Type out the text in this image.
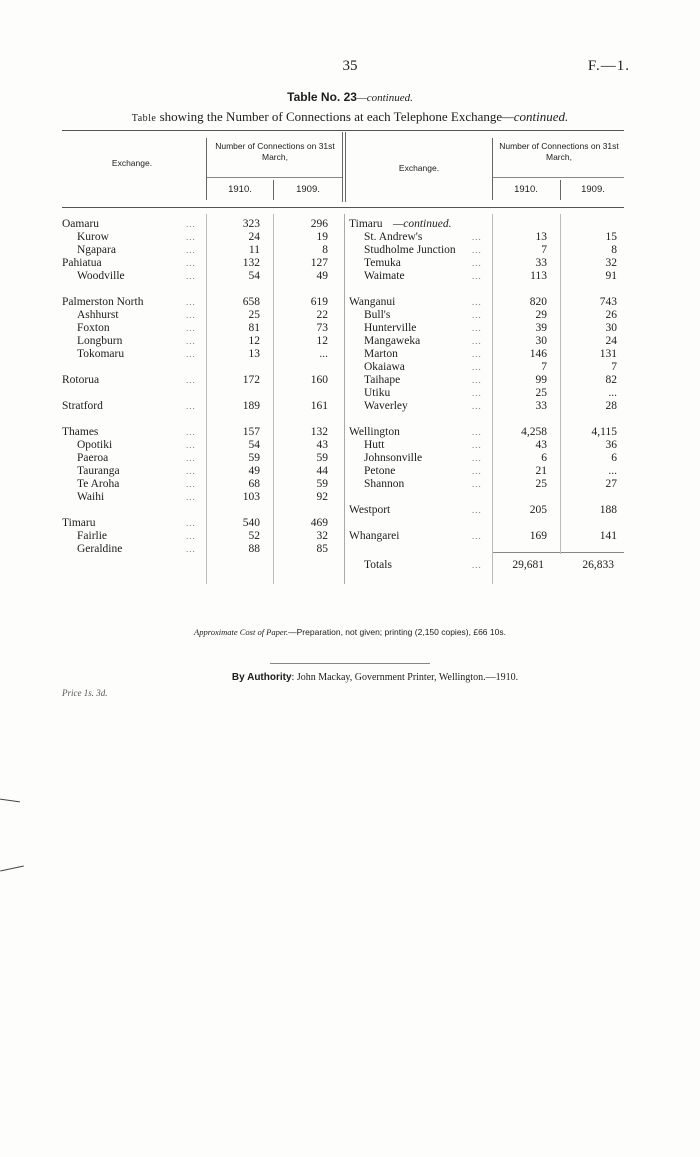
35	F.—1.
Table No. 23—continued.
Table showing the Number of Connections at each Telephone Exchange—continued.
Exchange.
Number of Connections on 31st March,
1910.	1909.
Exchange.
Number of Connections on 31st March,
1910.	1909.
Oamaru	...	323	296
Kurow	...	24	19
Ngapara	...	11	8
Pahiatua	...	132	127
Woodville	...	54	49
Palmerston North	...	658	619
Ashhurst	...	25	22
Foxton	...	81	73
Longburn	...	12	12
Tokomaru	...	13	...
Rotorua	...	172	160
Stratford	...	189	161
Thames	...	157	132
Opotiki	...	54	43
Paeroa	...	59	59
Tauranga	...	49	44
Te Aroha	...	68	59
Waihi	...	103	92
Timaru	...	540	469
Fairlie	...	52	32
Geraldine	...	88	85
Timaru —continued.
St. Andrew's	...	13	15
Studholme Junction ...	7	8
Temuka	...	33	32
Waimate	...	113	91
Wanganui	...	820	743
Bull's	...	29	26
Hunterville	...	39	30
Mangaweka	...	30	24
Marton	...	146	131
Okaiawa	...	7	7
Taihape	...	99	82
Utiku	...	25	...
Waverley	...	33	28
Wellington	...	4,258	4,115
Hutt	...	43	36
Johnsonville	...	6	6
Petone	...	21	...
Shannon	...	25	27
Westport	...	205	188
Whangarei	...	169	141
Totals	...	29,681	26,833
Approximate Cost of Paper.—Preparation, not given; printing (2,150 copies), £66 10s.
By Authority: John Mackay, Government Printer, Wellington.—1910.
Price 1s. 3d.
